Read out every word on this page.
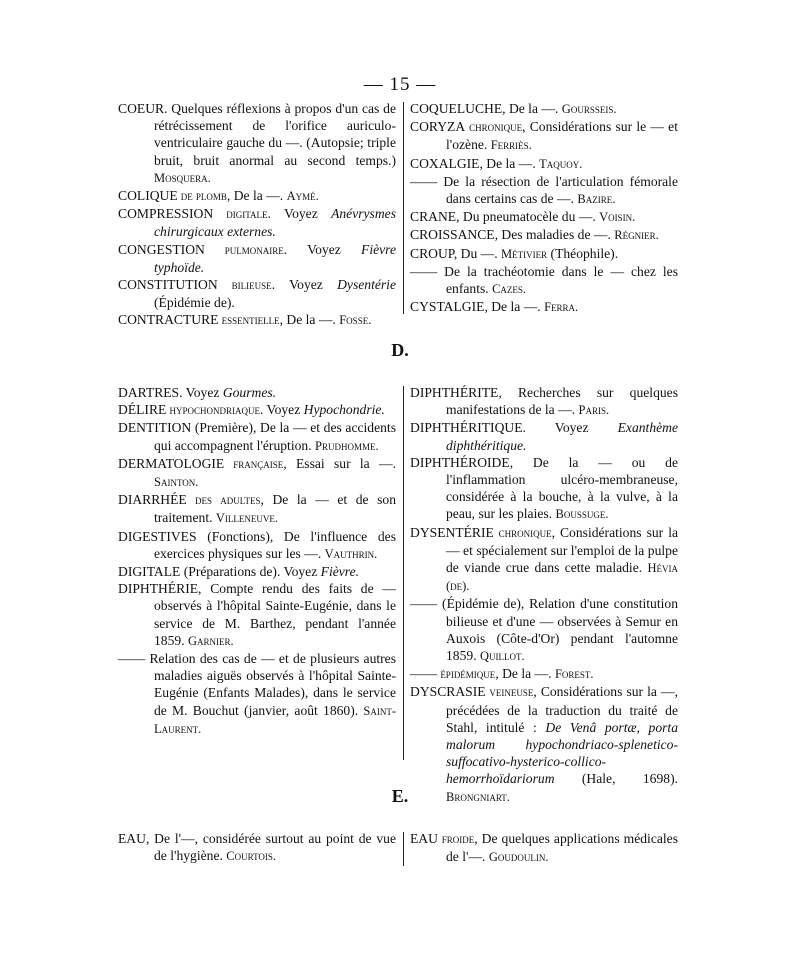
— 15 —

COEUR. Quelques réflexions à propos d'un cas de rétrécissement de l'orifice auriculo-ventriculaire gauche du —. (Autopsie; triple bruit, bruit anormal au second temps.) Mosquera.

COLIQUE de plomb, De la —. Aymé.

COMPRESSION digitale. Voyez Anévrysmes chirurgicaux externes.

CONGESTION pulmonaire. Voyez Fièvre typhoïde.

CONSTITUTION bilieuse. Voyez Dysentérie (Épidémie de).

CONTRACTURE essentielle, De la —. Fosse.

COQUELUCHE, De la —. Goursseis.

CORYZA chronique, Considérations sur le — et l'ozène. Ferriès.

COXALGIE, De la —. Taquoy.

—— De la résection de l'articulation fémorale dans certains cas de —. Bazire.

CRANE, Du pneumatocèle du —. Voisin.

CROISSANCE, Des maladies de —. Régnier.

CROUP, Du —. Métivier (Théophile).

—— De la trachéotomie dans le — chez les enfants. Cazes.

CYSTALGIE, De la —. Ferra.

D.

DARTRES. Voyez Gourmes.

DÉLIRE hypochondriaque. Voyez Hypochondrie.

DENTITION (Première), De la — et des accidents qui accompagnent l'éruption. Prudhomme.

DERMATOLOGIE française, Essai sur la —. Sainton.

DIARRHÉE des adultes, De la — et de son traitement. Villeneuve.

DIGESTIVES (Fonctions), De l'influence des exercices physiques sur les —. Vauthrin.

DIGITALE (Préparations de). Voyez Fièvre.

DIPHTHÉRIE, Compte rendu des faits de — observés à l'hôpital Sainte-Eugénie, dans le service de M. Barthez, pendant l'année 1859. Garnier.

—— Relation des cas de — et de plusieurs autres maladies aiguës observés à l'hôpital Sainte-Eugénie (Enfants Malades), dans le service de M. Bouchut (janvier, août 1860). Saint-Laurent.

DIPHTHÉRITE, Recherches sur quelques manifestations de la —. Paris.

DIPHTHÉRITIQUE. Voyez Exanthème diphthéritique.

DIPHTHÉROIDE, De la — ou de l'inflammation ulcéro-membraneuse, considérée à la bouche, à la vulve, à la peau, sur les plaies. Boussuge.

DYSENTÉRIE chronique, Considérations sur la — et spécialement sur l'emploi de la pulpe de viande crue dans cette maladie. Hévia (de).

—— (Épidémie de), Relation d'une constitution bilieuse et d'une — observées à Semur en Auxois (Côte-d'Or) pendant l'automne 1859. Quillot.

—— épidémique, De la —. Forest.

DYSCRASIE veineuse, Considérations sur la —, précédées de la traduction du traité de Stahl, intitulé : De Venâ portæ, porta malorum hypochondriaco-splenetico-suffocativo-hysterico-collico-hemorrhoïdariorum (Hale, 1698). Brongniart.

E.

EAU, De l'—, considérée surtout au point de vue de l'hygiène. Courtois.

EAU froide, De quelques applications médicales de l'—. Goudoulin.
